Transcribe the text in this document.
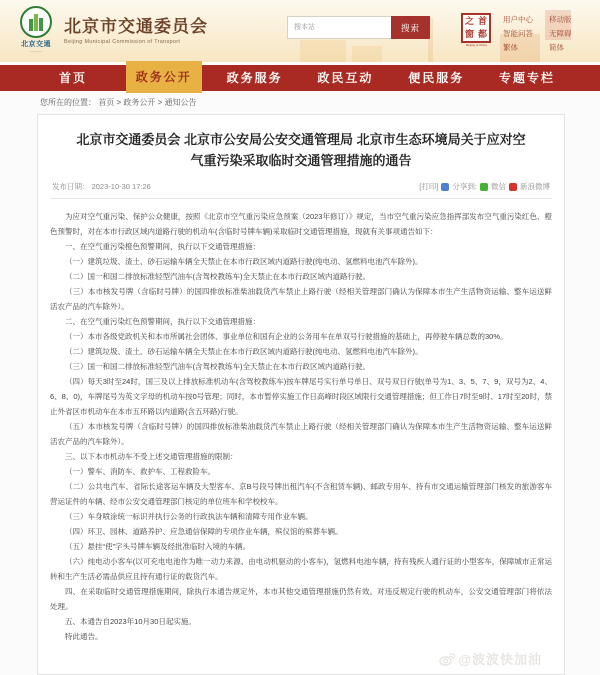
北京交通
—————
北京市交通委员会
Beijing Municipal Commission of Transport
搜本站 ·
搜索
之 首
窗 都
Beijing of China
用户中心
智能问答
繁体
移动版
无障碍
简体
首页	政务公开	政务服务	政民互动	便民服务	专题专栏
您所在的位置： 首页 > 政务公开 > 通知公告
北京市交通委员会 北京市公安局公安交通管理局 北京市生态环境局关于应对空气重污染采取临时交通管理措施的通告
发布日期： 2023-10-30 17:26	[打印] 分享到: 微信 新浪微博

为应对空气重污染、保护公众健康，按照《北京市空气重污染应急预案（2023年修订）》规定，当市空气重污染应急指挥部发布空气重污染红色、橙色预警时，对在本市行政区域内道路行驶的机动车(含临时号牌车辆)采取临时交通管理措施，现就有关事项通告如下：

一、在空气重污染橙色预警期间，执行以下交通管理措施：

（一）建筑垃圾、渣土、砂石运输车辆全天禁止在本市行政区域内道路行驶(纯电动、氢燃料电池汽车除外)。

（二）国一和国二排放标准轻型汽油车(含驾校教练车)全天禁止在本市行政区域内道路行驶。

（三）本市核发号牌（含临时号牌）的国四排放标准柴油载货汽车禁止上路行驶（经相关管理部门确认为保障本市生产生活物资运输、整车运送鲜活农产品的汽车除外）。

二、在空气重污染红色预警期间，执行以下交通管理措施：

（一）本市各级党政机关和本市所属社会团体、事业单位和国有企业的公务用车在单双号行驶措施的基础上，再停驶车辆总数的30%。

（二）建筑垃圾、渣土、砂石运输车辆全天禁止在本市行政区域内道路行驶(纯电动、氢燃料电池汽车除外)。

（三）国一和国二排放标准轻型汽油车(含驾校教练车)全天禁止在本市行政区域内道路行驶。

（四）每天3时至24时，国三及以上排放标准机动车(含驾校教练车)按车牌尾号实行单号单日、双号双日行驶(单号为1、3、5、7、9，双号为2、4、6、8、0)，车牌尾号为英文字母的机动车按0号管理；同时，本市暂停实施工作日高峰时段区域限行交通管理措施；但工作日7时至9时、17时至20时，禁止外省区市机动车在本市五环路以内道路(含五环路)行驶。

（五）本市核发号牌（含临时号牌）的国四排放标准柴油载货汽车禁止上路行驶（经相关管理部门确认为保障本市生产生活物资运输、整车运送鲜活农产品的汽车除外）。

三、以下本市机动车不受上述交通管理措施的限制：

（一）警车、消防车、救护车、工程救险车。

（二）公共电汽车、省际长途客运车辆及大型客车、京B号段号牌出租汽车(不含租赁车辆)、邮政专用车、持有市交通运输管理部门核发的旅游客车营运证件的车辆、经市公安交通管理部门核定的单位班车和学校校车。

（三）车身喷涂统一标识并执行公务的行政执法车辆和清障专用作业车辆。

（四）环卫、园林、道路养护、应急通信保障的专项作业车辆，殡仪馆的殡葬车辆。

（五）悬挂“使”字头号牌车辆及经批准临时入境的车辆。

（六）纯电动小客车(以可充电电池作为唯一动力来源、由电动机驱动的小客车)，氢燃料电池车辆，持有残疾人通行证的小型客车，保障城市正常运转和生产生活必需品供应且持有通行证的载货汽车。

四、在采取临时交通管理措施期间，除执行本通告规定外，本市其他交通管理措施仍然有效。对违反规定行驶的机动车，公安交通管理部门将依法处理。

五、本通告自2023年10月30日起实施。

特此通告。

@波波快加油
